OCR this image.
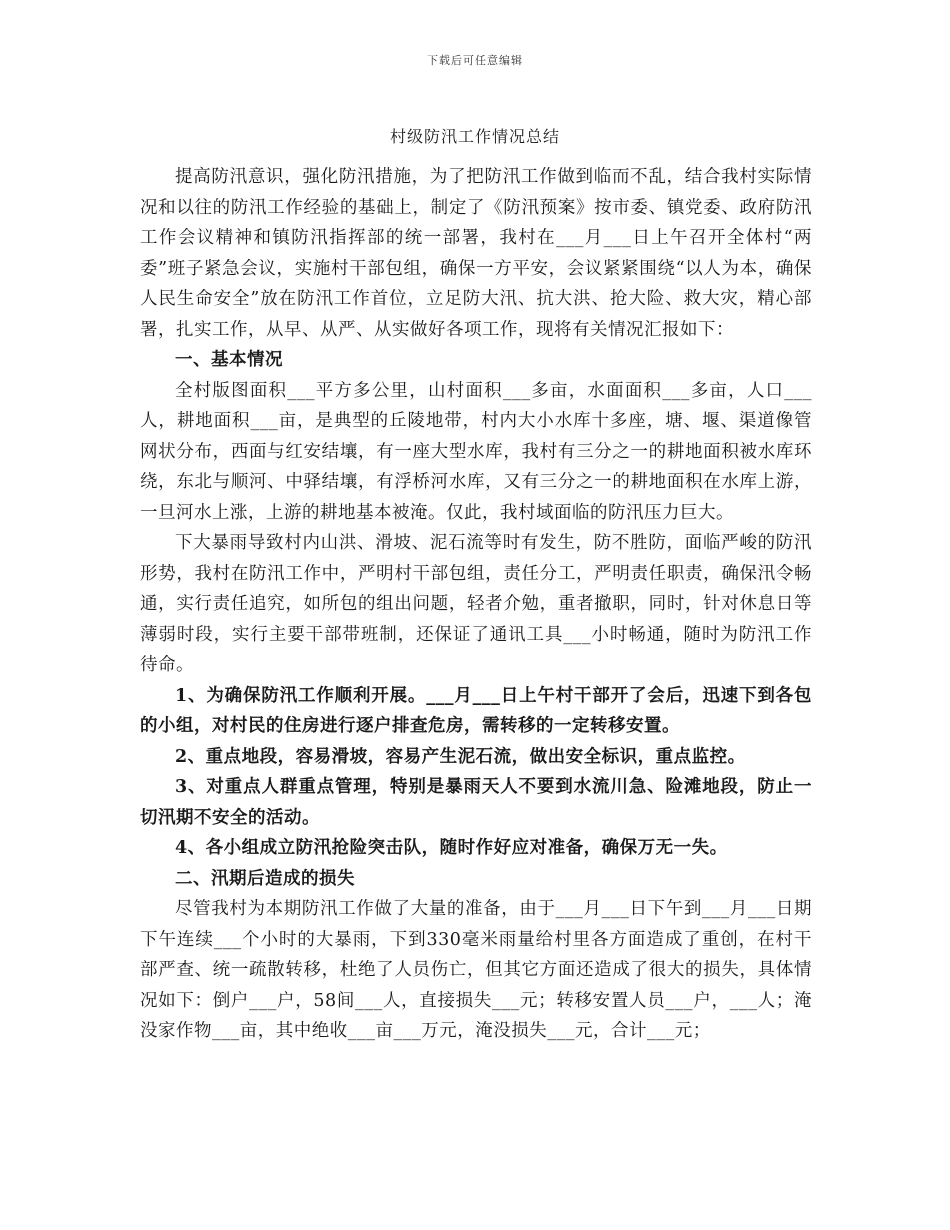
下载后可任意编辑
村级防汛工作情况总结

提高防汛意识，强化防汛措施，为了把防汛工作做到临而不乱，结合我村实际情况和以往的防汛工作经验的基础上，制定了《防汛预案》按市委、镇党委、政府防汛工作会议精神和镇防汛指挥部的统一部署，我村在___月___日上午召开全体村“两委”班子紧急会议，实施村干部包组，确保一方平安，会议紧紧围绕“以人为本，确保人民生命安全”放在防汛工作首位，立足防大汛、抗大洪、抢大险、救大灾，精心部署，扎实工作，从早、从严、从实做好各项工作，现将有关情况汇报如下：

一、基本情况

全村版图面积___平方多公里，山村面积___多亩，水面面积___多亩，人口___人，耕地面积___亩，是典型的丘陵地带，村内大小水库十多座，塘、堰、渠道像管网状分布，西面与红安结壤，有一座大型水库，我村有三分之一的耕地面积被水库环绕，东北与顺河、中驿结壤，有浮桥河水库，又有三分之一的耕地面积在水库上游，一旦河水上涨，上游的耕地基本被淹。仅此，我村域面临的防汛压力巨大。

下大暴雨导致村内山洪、滑坡、泥石流等时有发生，防不胜防，面临严峻的防汛形势，我村在防汛工作中，严明村干部包组，责任分工，严明责任职责，确保汛令畅通，实行责任追究，如所包的组出问题，轻者介勉，重者撤职，同时，针对休息日等薄弱时段，实行主要干部带班制，还保证了通讯工具___小时畅通，随时为防汛工作待命。

1、为确保防汛工作顺利开展。___月___日上午村干部开了会后，迅速下到各包的小组，对村民的住房进行逐户排查危房，需转移的一定转移安置。

2、重点地段，容易滑坡，容易产生泥石流，做出安全标识，重点监控。

3、对重点人群重点管理，特别是暴雨天人不要到水流川急、险滩地段，防止一切汛期不安全的活动。

4、各小组成立防汛抢险突击队，随时作好应对准备，确保万无一失。

二、汛期后造成的损失

尽管我村为本期防汛工作做了大量的准备，由于___月___日下午到___月___日期下午连续___个小时的大暴雨，下到330毫米雨量给村里各方面造成了重创，在村干部严查、统一疏散转移，杜绝了人员伤亡，但其它方面还造成了很大的损失，具体情况如下：倒户___户，58间___人，直接损失___元；转移安置人员___户，___人；淹没家作物___亩，其中绝收___亩___万元，淹没损失___元，合计___元；
